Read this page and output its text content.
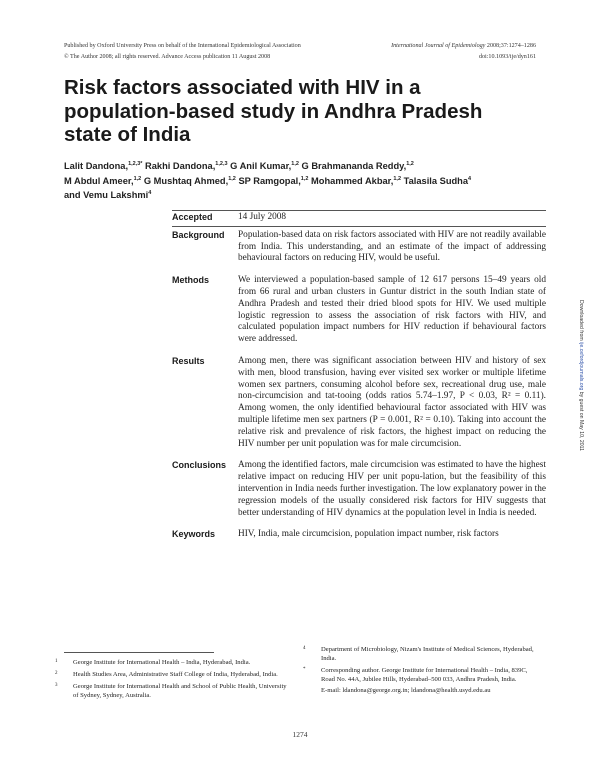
Published by Oxford University Press on behalf of the International Epidemiological Association
© The Author 2008; all rights reserved. Advance Access publication 11 August 2008
International Journal of Epidemiology 2008;37:1274–1286
doi:10.1093/ije/dyn161
Risk factors associated with HIV in a population-based study in Andhra Pradesh state of India
Lalit Dandona,$^{1,2,3*}$ Rakhi Dandona,$^{1,2,3}$ G Anil Kumar,$^{1,2}$ G Brahmananda Reddy,$^{1,2}$
M Abdul Ameer,$^{1,2}$ G Mushtaq Ahmed,$^{1,2}$ SP Ramgopal,$^{1,2}$ Mohammed Akbar,$^{1,2}$ Talasila Sudha$^4$
and Vemu Lakshmi$^4$
Accepted	14 July 2008
Background	Population-based data on risk factors associated with HIV are not readily available from India. This understanding, and an estimate of the impact of addressing behavioural factors on reducing HIV, would be useful.
Methods	We interviewed a population-based sample of 12 617 persons 15–49 years old from 66 rural and urban clusters in Guntur district in the south Indian state of Andhra Pradesh and tested their dried blood spots for HIV. We used multiple logistic regression to assess the association of risk factors with HIV, and calculated population impact numbers for HIV reduction if behavioural factors were addressed.
Results	Among men, there was significant association between HIV and history of sex with men, blood transfusion, having ever visited sex worker or multiple lifetime women sex partners, consuming alcohol before sex, recreational drug use, male non-circumcision and tat-tooing (odds ratios 5.74–1.97, P < 0.03, R² = 0.11). Among women, the only identified behavioural factor associated with HIV was multiple lifetime men sex partners (P = 0.001, R² = 0.10). Taking into account the relative risk and prevalence of risk factors, the highest impact on reducing the HIV number per unit population was for male circumcision.
Conclusions	Among the identified factors, male circumcision was estimated to have the highest relative impact on reducing HIV per unit popu-lation, but the feasibility of this intervention in India needs further investigation. The low explanatory power in the regression models of the usually considered risk factors for HIV suggests that better understanding of HIV dynamics at the population level in India is needed.
Keywords	HIV, India, male circumcision, population impact number, risk factors

1 George Institute for International Health – India, Hyderabad, India.

2 Health Studies Area, Administrative Staff College of India, Hyderabad, India.

3 George Institute for International Health and School of Public Health, University of Sydney, Sydney, Australia.

4 Department of Microbiology, Nizam's Institute of Medical Sciences, Hyderabad, India.

* Corresponding author. George Institute for International Health – India, 839C, Road No. 44A, Jubilee Hills, Hyderabad–500 033, Andhra Pradesh, India.

E-mail: ldandona@george.org.in; ldandona@health.usyd.edu.au

1274
Downloaded from ije.oxfordjournals.org by guest on May 10, 2011
